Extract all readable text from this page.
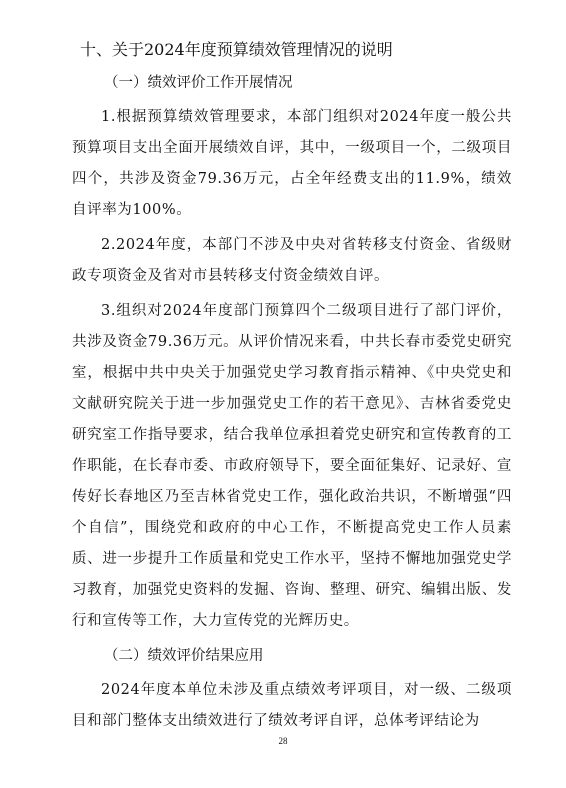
十、关于2024年度预算绩效管理情况的说明
（一）绩效评价工作开展情况

1.根据预算绩效管理要求，本部门组织对2024年度一般公共预算项目支出全面开展绩效自评，其中，一级项目一个，二级项目四个，共涉及资金79.36万元，占全年经费支出的11.9%，绩效自评率为100%。

2.2024年度，本部门不涉及中央对省转移支付资金、省级财政专项资金及省对市县转移支付资金绩效自评。

3.组织对2024年度部门预算四个二级项目进行了部门评价，共涉及资金79.36万元。从评价情况来看，中共长春市委党史研究室，根据中共中央关于加强党史学习教育指示精神、《中央党史和文献研究院关于进一步加强党史工作的若干意见》、吉林省委党史研究室工作指导要求，结合我单位承担着党史研究和宣传教育的工作职能，在长春市委、市政府领导下，要全面征集好、记录好、宣传好长春地区乃至吉林省党史工作，强化政治共识，不断增强“四个自信”，围绕党和政府的中心工作，不断提高党史工作人员素质、进一步提升工作质量和党史工作水平，坚持不懈地加强党史学习教育，加强党史资料的发掘、咨询、整理、研究、编辑出版、发行和宣传等工作，大力宣传党的光辉历史。

（二）绩效评价结果应用

2024年度本单位未涉及重点绩效考评项目，对一级、二级项目和部门整体支出绩效进行了绩效考评自评，总体考评结论为

28
